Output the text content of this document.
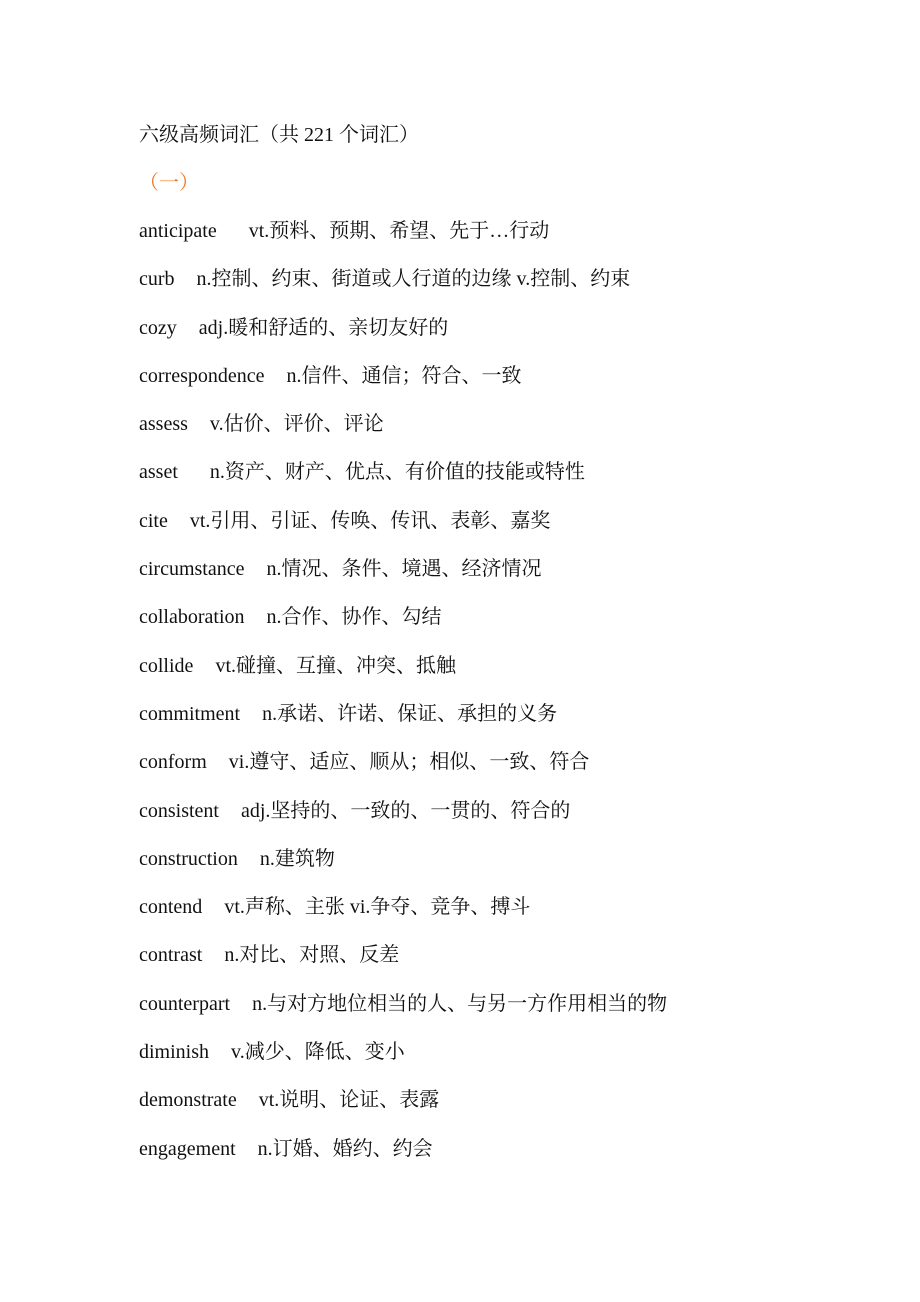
六级高频词汇（共 221 个词汇）
（一）
anticipate vt.预料、预期、希望、先于…行动
curb n.控制、约束、街道或人行道的边缘 v.控制、约束
cozy adj.暖和舒适的、亲切友好的
correspondence n.信件、通信；符合、一致
assess v.估价、评价、评论
asset n.资产、财产、优点、有价值的技能或特性
cite vt.引用、引证、传唤、传讯、表彰、嘉奖
circumstance n.情况、条件、境遇、经济情况
collaboration n.合作、协作、勾结
collide vt.碰撞、互撞、冲突、抵触
commitment n.承诺、许诺、保证、承担的义务
conform vi.遵守、适应、顺从；相似、一致、符合
consistent adj.坚持的、一致的、一贯的、符合的
construction n.建筑物
contend vt.声称、主张 vi.争夺、竞争、搏斗
contrast n.对比、对照、反差
counterpart n.与对方地位相当的人、与另一方作用相当的物
diminish v.减少、降低、变小
demonstrate vt.说明、论证、表露
engagement n.订婚、婚约、约会
